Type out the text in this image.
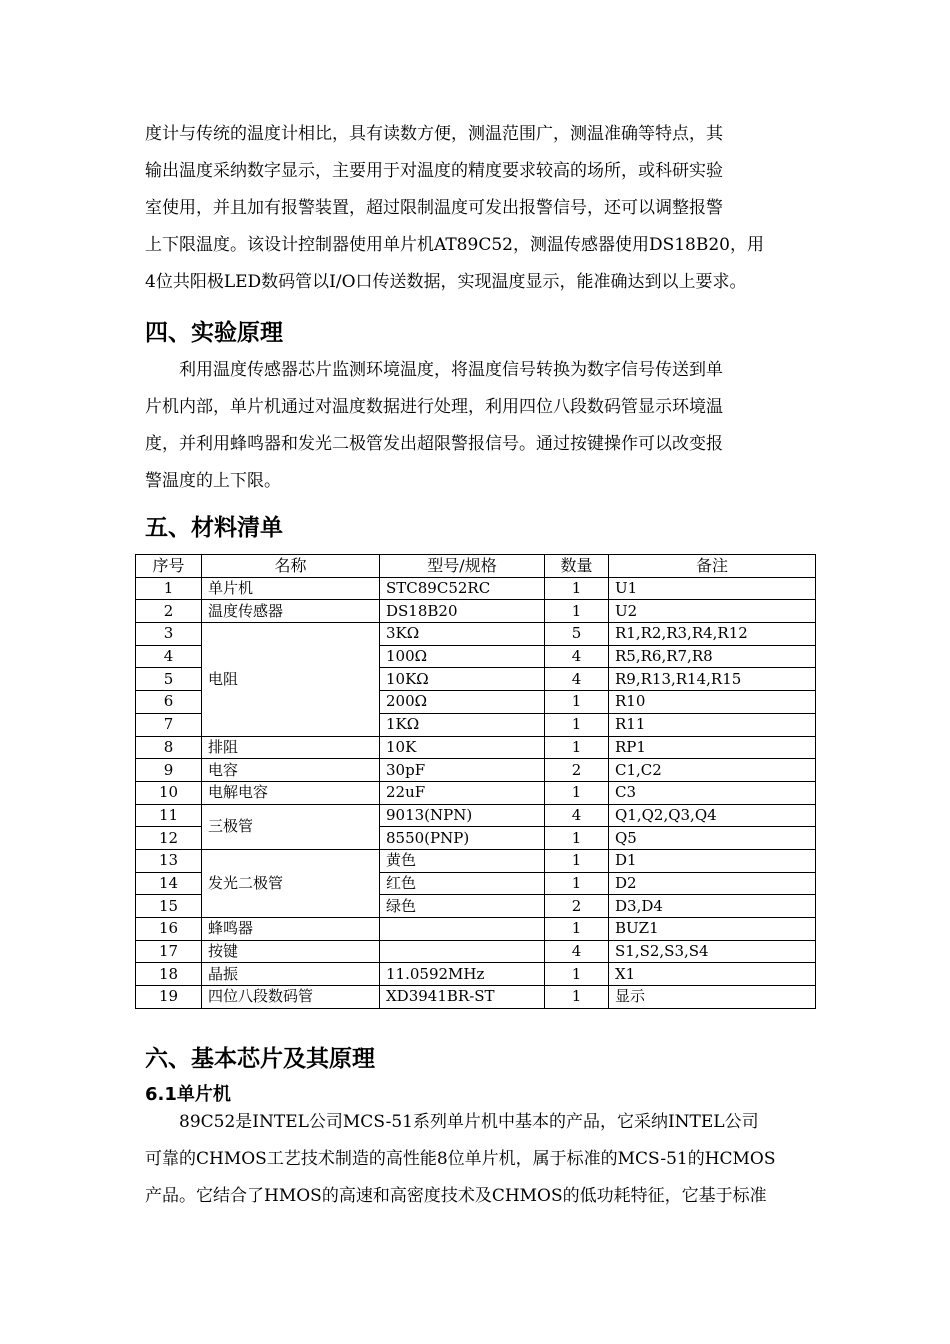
度计与传统的温度计相比，具有读数方便，测温范围广，测温准确等特点，其

输出温度采纳数字显示，主要用于对温度的精度要求较高的场所，或科研实验

室使用，并且加有报警装置，超过限制温度可发出报警信号，还可以调整报警

上下限温度。该设计控制器使用单片机AT89C52，测温传感器使用DS18B20，用

4位共阳极LED数码管以I/O口传送数据，实现温度显示，能准确达到以上要求。

四、实验原理

　　利用温度传感器芯片监测环境温度，将温度信号转换为数字信号传送到单

片机内部，单片机通过对温度数据进行处理，利用四位八段数码管显示环境温

度，并利用蜂鸣器和发光二极管发出超限警报信号。通过按键操作可以改变报

警温度的上下限。

五、材料清单
序号	名称	型号/规格	数量	备注
1	单片机	STC89C52RC	1	U1
2	温度传感器	DS18B20	1	U2
3	电阻	3KΩ	5	R1,R2,R3,R4,R12
4		100Ω	4	R5,R6,R7,R8
5		10KΩ	4	R9,R13,R14,R15
6		200Ω	1	R10
7		1KΩ	1	R11
8	排阻	10K	1	RP1
9	电容	30pF	2	C1,C2
10	电解电容	22uF	1	C3
11	三极管	9013(NPN)	4	Q1,Q2,Q3,Q4
12		8550(PNP)	1	Q5
13	发光二极管	黄色	1	D1
14		红色	1	D2
15		绿色	2	D3,D4
16	蜂鸣器		1	BUZ1
17	按键		4	S1,S2,S3,S4
18	晶振	11.0592MHz	1	X1
19	四位八段数码管	XD3941BR-ST	1	显示
六、基本芯片及其原理
6.1单片机

　　89C52是INTEL公司MCS-51系列单片机中基本的产品，它采纳INTEL公司

可靠的CHMOS工艺技术制造的高性能8位单片机，属于标准的MCS-51的HCMOS

产品。它结合了HMOS的高速和高密度技术及CHMOS的低功耗特征，它基于标准
